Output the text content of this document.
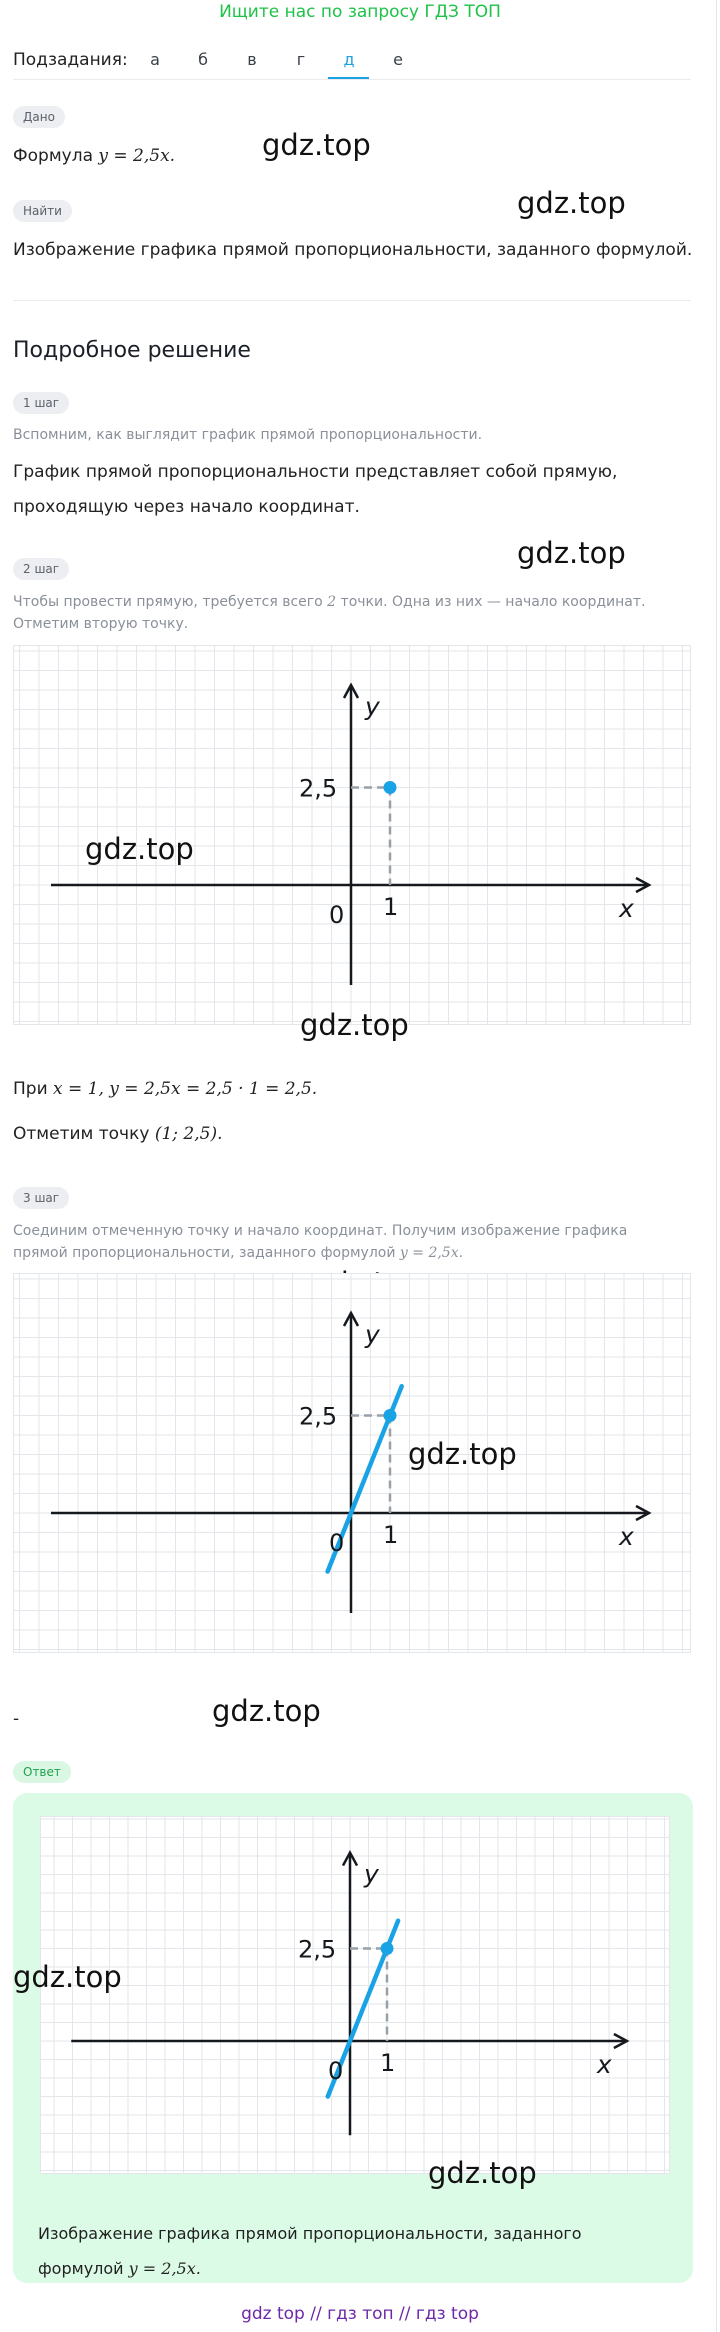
Ищите нас по запросу ГДЗ ТОП
Подзадания:	а	б	в	г	д	е
Дано
Формула y = 2,5x.	gdz.top
Найти	gdz.top
Изображение графика прямой пропорциональности, заданного формулой.
Подробное решение
1 шаг
Вспомним, как выглядит график прямой пропорциональности.
График прямой пропорциональности представляет собой прямую,
проходящую через начало координат.
2 шаг	gdz.top
Чтобы провести прямую, требуется всего 2 точки. Одна из них — начало координат.
Отметим вторую точку.
y
x
0 1
2,5
gdz.top
gdz.top
При x = 1, y = 2,5x = 2,5 · 1 = 2,5.
Отметим точку (1; 2,5).
3 шаг
Соединим отмеченную точку и начало координат. Получим изображение графика
прямой пропорциональности, заданного формулой y = 2,5x.
y
x
0 1
2,5
gdz.top
-	gdz.top
Ответ
y
x
0 1
2,5
gdz.top
gdz.top
Изображение графика прямой пропорциональности, заданного
формулой y = 2,5x.
gdz top // гдз топ // гдз top
